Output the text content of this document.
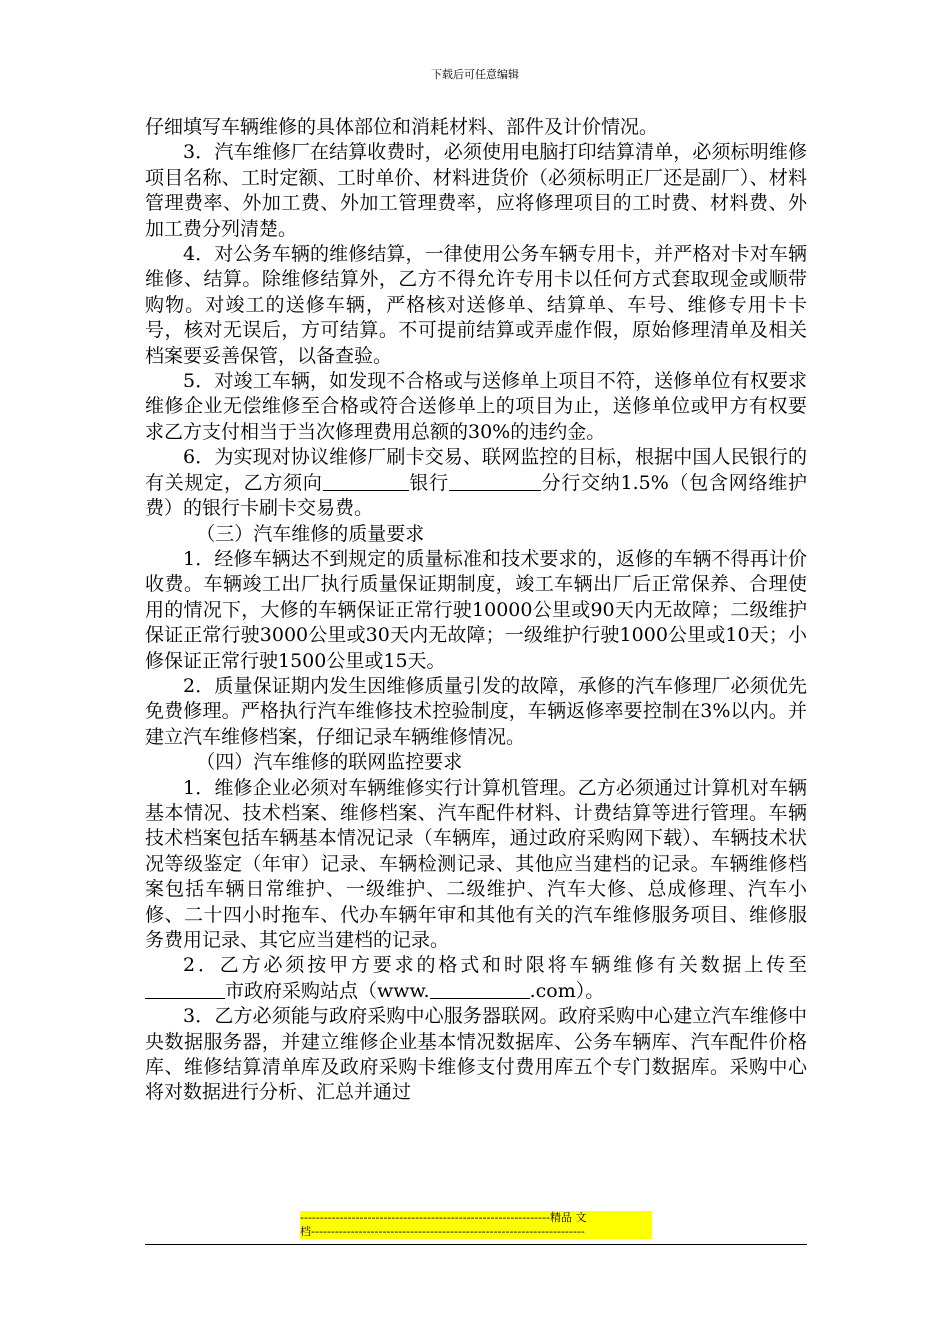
下载后可任意编辑

仔细填写车辆维修的具体部位和消耗材料、部件及计价情况。

3．汽车维修厂在结算收费时，必须使用电脑打印结算清单，必须标明维修项目名称、工时定额、工时单价、材料进货价（必须标明正厂还是副厂）、材料管理费率、外加工费、外加工管理费率，应将修理项目的工时费、材料费、外加工费分列清楚。

4．对公务车辆的维修结算，一律使用公务车辆专用卡，并严格对卡对车辆维修、结算。除维修结算外，乙方不得允许专用卡以任何方式套取现金或顺带购物。对竣工的送修车辆，严格核对送修单、结算单、车号、维修专用卡卡号，核对无误后，方可结算。不可提前结算或弄虚作假，原始修理清单及相关档案要妥善保管，以备查验。

5．对竣工车辆，如发现不合格或与送修单上项目不符，送修单位有权要求维修企业无偿维修至合格或符合送修单上的项目为止，送修单位或甲方有权要求乙方支付相当于当次修理费用总额的30%的违约金。

6．为实现对协议维修厂刷卡交易、联网监控的目标，根据中国人民银行的有关规定，乙方须向	银行	分行交纳1.5%（包含网络维护费）的银行卡刷卡交易费。

（三）汽车维修的质量要求

1．经修车辆达不到规定的质量标准和技术要求的，返修的车辆不得再计价收费。车辆竣工出厂执行质量保证期制度，竣工车辆出厂后正常保养、合理使用的情况下，大修的车辆保证正常行驶10000公里或90天内无故障；二级维护保证正常行驶3000公里或30天内无故障；一级维护行驶1000公里或10天；小修保证正常行驶1500公里或15天。

2．质量保证期内发生因维修质量引发的故障，承修的汽车修理厂必须优先免费修理。严格执行汽车维修技术控验制度，车辆返修率要控制在3%以内。并建立汽车维修档案，仔细记录车辆维修情况。

（四）汽车维修的联网监控要求

1．维修企业必须对车辆维修实行计算机管理。乙方必须通过计算机对车辆基本情况、技术档案、维修档案、汽车配件材料、计费结算等进行管理。车辆技术档案包括车辆基本情况记录（车辆库，通过政府采购网下载）、车辆技术状况等级鉴定（年审）记录、车辆检测记录、其他应当建档的记录。车辆维修档案包括车辆日常维护、一级维护、二级维护、汽车大修、总成修理、汽车小修、二十四小时拖车、代办车辆年审和其他有关的汽车维修服务项目、维修服务费用记录、其它应当建档的记录。

2．乙方必须按甲方要求的格式和时限将车辆维修有关数据上传至市政府采购站点（www.	.com）。

3．乙方必须能与政府采购中心服务器联网。政府采购中心建立汽车维修中央数据服务器，并建立维修企业基本情况数据库、公务车辆库、汽车配件价格库、维修结算清单库及政府采购卡维修支付费用库五个专门数据库。采购中心将对数据进行分析、汇总并通过

---------------------------------------------------------------精品 文
档---------------------------------------------------------------------
